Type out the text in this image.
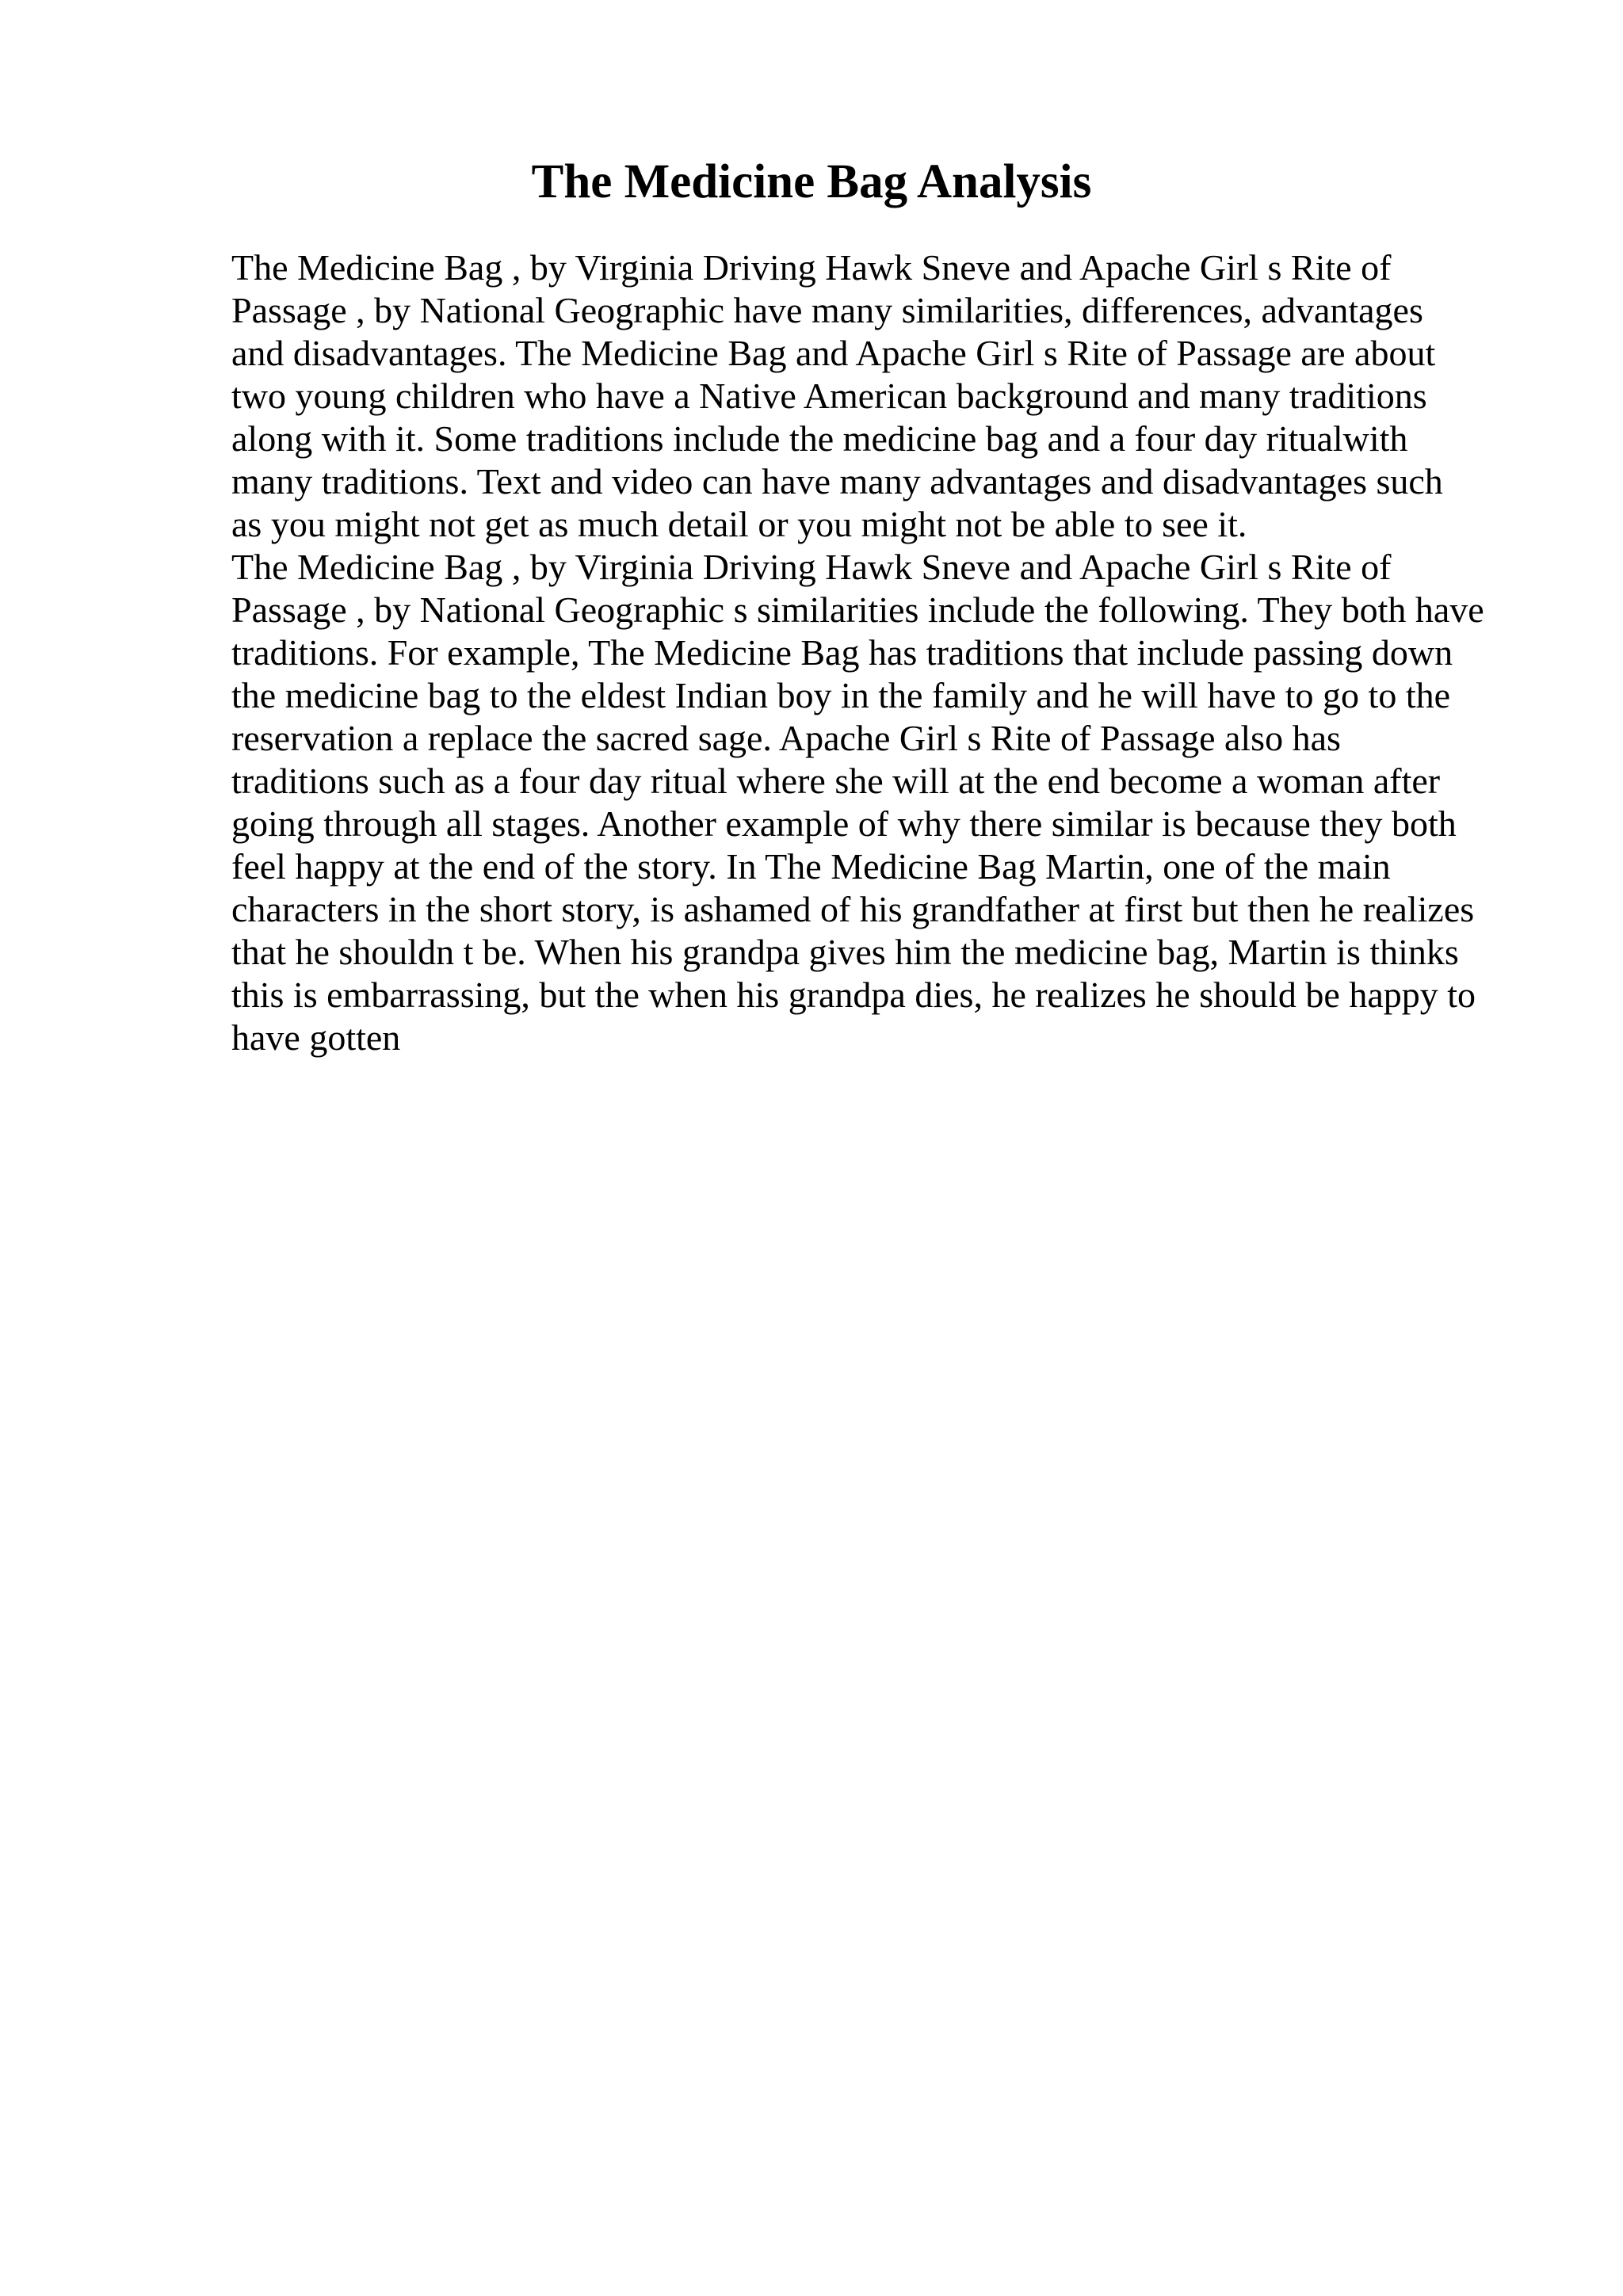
The Medicine Bag Analysis
The Medicine Bag , by Virginia Driving Hawk Sneve and Apache Girl s Rite of
Passage , by National Geographic have many similarities, differences, advantages
and disadvantages. The Medicine Bag and Apache Girl s Rite of Passage are about
two young children who have a Native American background and many traditions
along with it. Some traditions include the medicine bag and a four day ritualwith
many traditions. Text and video can have many advantages and disadvantages such
as you might not get as much detail or you might not be able to see it.
The Medicine Bag , by Virginia Driving Hawk Sneve and Apache Girl s Rite of
Passage , by National Geographic s similarities include the following. They both have
traditions. For example, The Medicine Bag has traditions that include passing down
the medicine bag to the eldest Indian boy in the family and he will have to go to the
reservation a replace the sacred sage. Apache Girl s Rite of Passage also has
traditions such as a four day ritual where she will at the end become a woman after
going through all stages. Another example of why there similar is because they both
feel happy at the end of the story. In The Medicine Bag Martin, one of the main
characters in the short story, is ashamed of his grandfather at first but then he realizes
that he shouldn t be. When his grandpa gives him the medicine bag, Martin is thinks
this is embarrassing, but the when his grandpa dies, he realizes he should be happy to
have gotten
